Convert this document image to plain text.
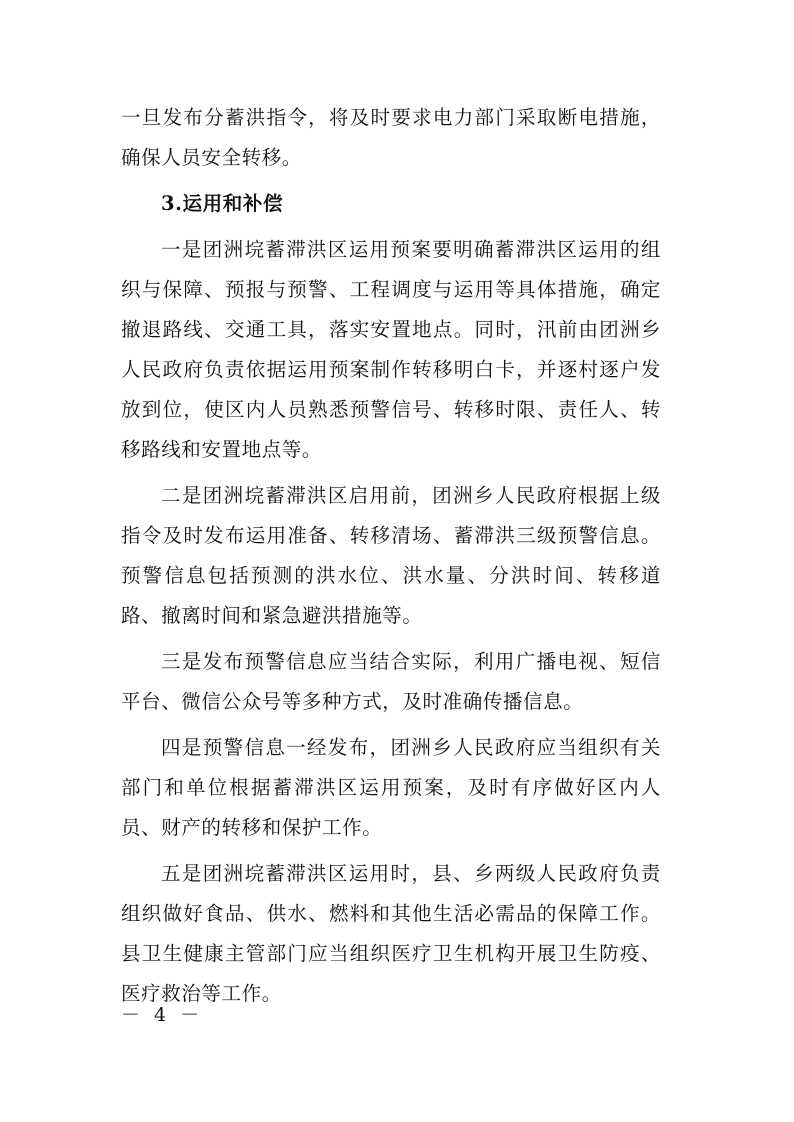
一旦发布分蓄洪指令，将及时要求电力部门采取断电措施，确保人员安全转移。

3.运用和补偿

一是团洲垸蓄滞洪区运用预案要明确蓄滞洪区运用的组织与保障、预报与预警、工程调度与运用等具体措施，确定撤退路线、交通工具，落实安置地点。同时，汛前由团洲乡人民政府负责依据运用预案制作转移明白卡，并逐村逐户发放到位，使区内人员熟悉预警信号、转移时限、责任人、转移路线和安置地点等。

二是团洲垸蓄滞洪区启用前，团洲乡人民政府根据上级指令及时发布运用准备、转移清场、蓄滞洪三级预警信息。预警信息包括预测的洪水位、洪水量、分洪时间、转移道路、撤离时间和紧急避洪措施等。

三是发布预警信息应当结合实际，利用广播电视、短信平台、微信公众号等多种方式，及时准确传播信息。

四是预警信息一经发布，团洲乡人民政府应当组织有关部门和单位根据蓄滞洪区运用预案，及时有序做好区内人员、财产的转移和保护工作。

五是团洲垸蓄滞洪区运用时，县、乡两级人民政府负责组织做好食品、供水、燃料和其他生活必需品的保障工作。县卫生健康主管部门应当组织医疗卫生机构开展卫生防疫、医疗救治等工作。

－ 4 －
